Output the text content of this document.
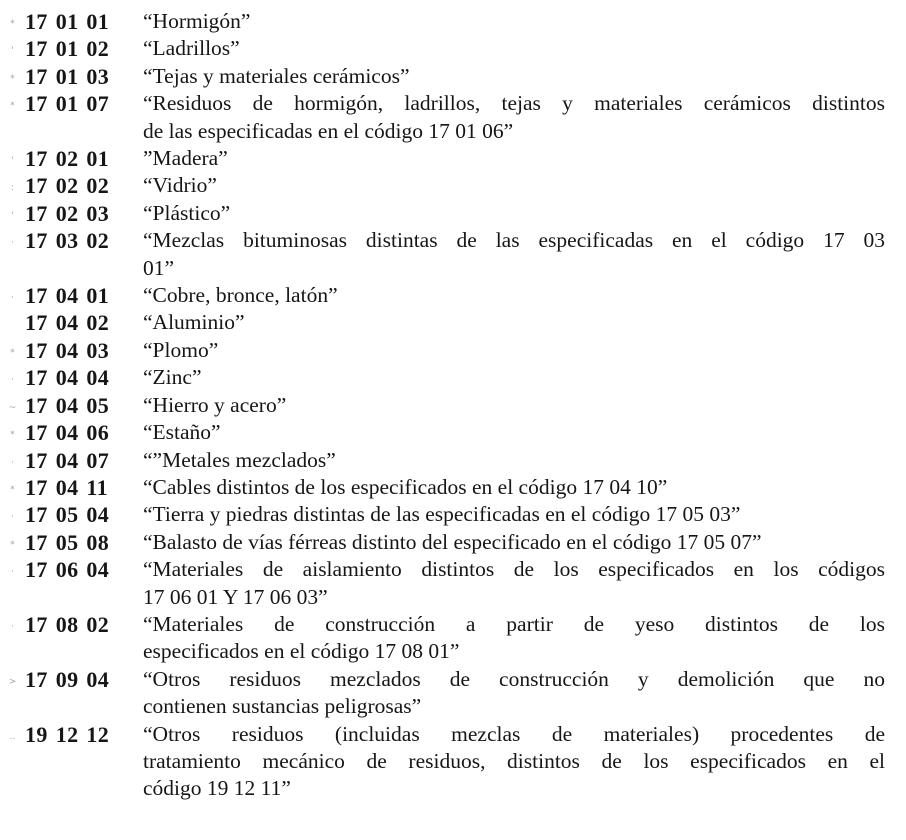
* 17 01 01	“Hormigón”
' 17 01 02	“Ladrillos”
* 17 01 03	“Tejas y materiales cerámicos”
* 17 01 07	“Residuos de hormigón, ladrillos, tejas y materiales cerámicos distintos
de las especificadas en el código 17 01 06”
' 17 02 01	”Madera”
: 17 02 02	“Vidrio”
' 17 02 03	“Plástico”
· 17 03 02	“Mezclas bituminosas distintas de las especificadas en el código 17 03
01”
· 17 04 01	“Cobre, bronce, latón”
17 04 02	“Aluminio”
* 17 04 03	“Plomo”
· 17 04 04	“Zinc”
~ 17 04 05	“Hierro y acero”
* 17 04 06	“Estaño”
· 17 04 07	“”Metales mezclados”
* 17 04 11	“Cables distintos de los especificados en el código 17 04 10”
· 17 05 04	“Tierra y piedras distintas de las especificadas en el código 17 05 03”
* 17 05 08	“Balasto de vías férreas distinto del especificado en el código 17 05 07”
· 17 06 04	“Materiales de aislamiento distintos de los especificados en los códigos
17 06 01 Y 17 06 03”
· 17 08 02	“Materiales de construcción a partir de yeso distintos de los
especificados en el código 17 08 01”
> 17 09 04	“Otros residuos mezclados de construcción y demolición que no
contienen sustancias peligrosas”
.. 19 12 12	“Otros residuos (incluidas mezclas de materiales) procedentes de
tratamiento mecánico de residuos, distintos de los especificados en el
código 19 12 11”
